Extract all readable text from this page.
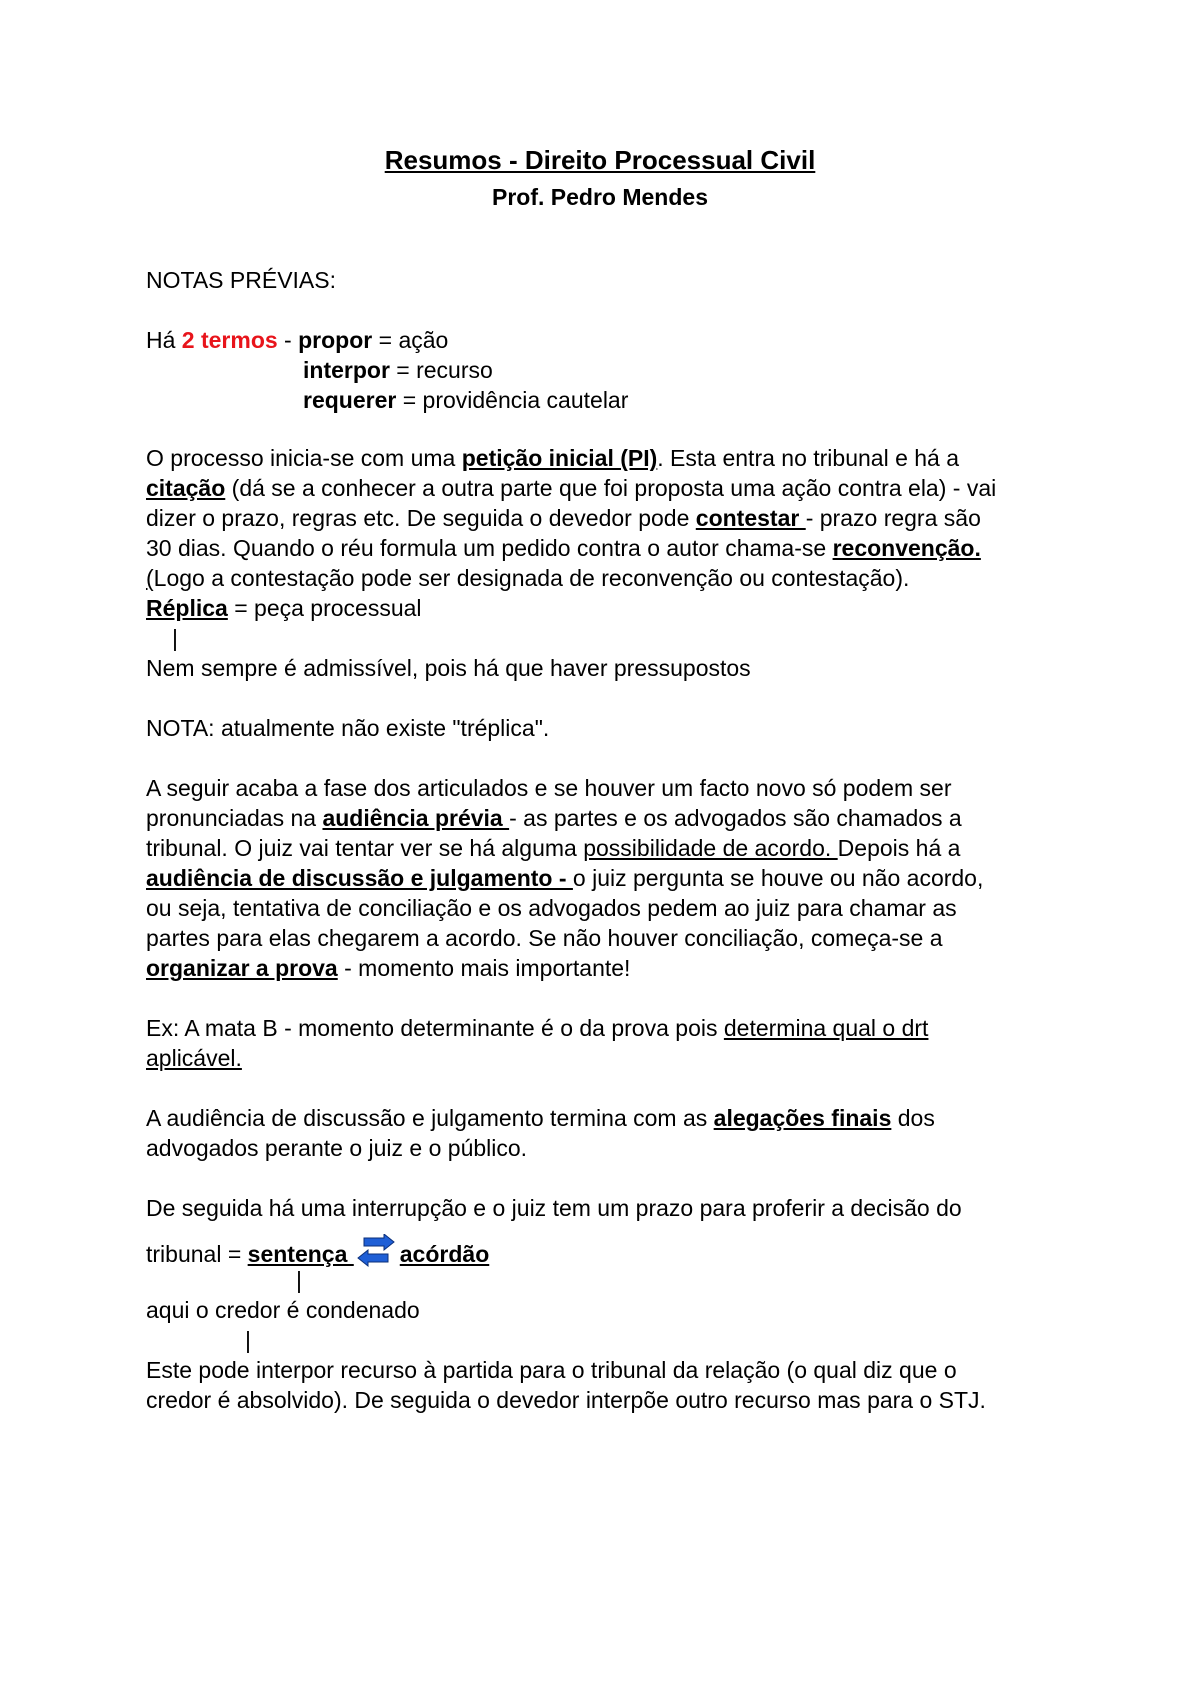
Resumos - Direito Processual Civil
Prof. Pedro Mendes
NOTAS PRÉVIAS:
Há 2 termos - propor = ação
interpor = recurso
requerer = providência cautelar
O processo inicia-se com uma petição inicial (PI). Esta entra no tribunal e há a
citação (dá se a conhecer a outra parte que foi proposta uma ação contra ela) - vai
dizer o prazo, regras etc. De seguida o devedor pode contestar - prazo regra são
30 dias. Quando o réu formula um pedido contra o autor chama-se reconvenção.
(Logo a contestação pode ser designada de reconvenção ou contestação).
Réplica = peça processual
|
Nem sempre é admissível, pois há que haver pressupostos
NOTA: atualmente não existe "tréplica".
A seguir acaba a fase dos articulados e se houver um facto novo só podem ser
pronunciadas na audiência prévia - as partes e os advogados são chamados a
tribunal. O juiz vai tentar ver se há alguma possibilidade de acordo. Depois há a
audiência de discussão e julgamento - o juiz pergunta se houve ou não acordo,
ou seja, tentativa de conciliação e os advogados pedem ao juiz para chamar as
partes para elas chegarem a acordo. Se não houver conciliação, começa-se a
organizar a prova - momento mais importante!
Ex: A mata B - momento determinante é o da prova pois determina qual o drt
aplicável.
A audiência de discussão e julgamento termina com as alegações finais dos
advogados perante o juiz e o público.
De seguida há uma interrupção e o juiz tem um prazo para proferir a decisão do
tribunal = sentença acórdão
|
aqui o credor é condenado
|
Este pode interpor recurso à partida para o tribunal da relação (o qual diz que o
credor é absolvido). De seguida o devedor interpõe outro recurso mas para o STJ.
